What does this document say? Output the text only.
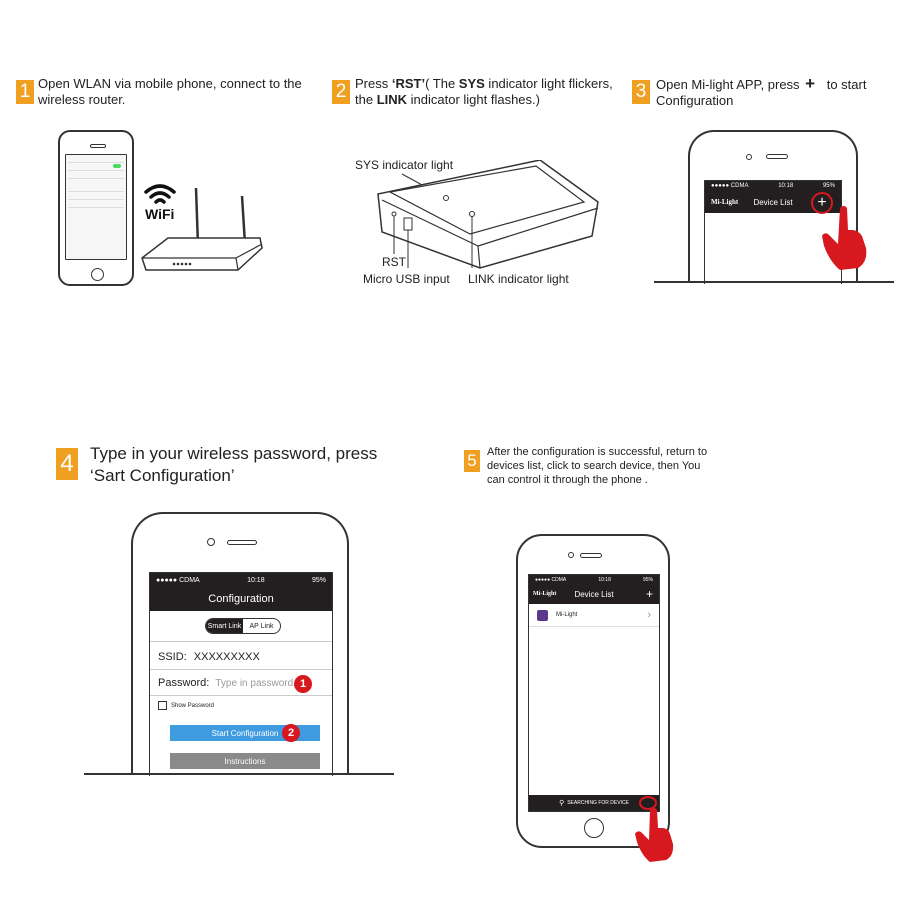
1 Open WLAN via mobile phone, connect to the
wireless router.
WiFi
2 Press ‘RST’( The SYS indicator light flickers,
the LINK indicator light flashes.)
SYS indicator light
RST
Micro USB input LINK indicator light
3 Open Mi-light APP, press + to start
Configuration
●●●●● CDMA	10:18	95%
Mi-Light Device List	+
4 Type in your wireless password, press
‘Sart Configuration’
●●●●● CDMA	10:18	95%
Configuration
Smart Link	AP Link
SSID: XXXXXXXXX
Password: Type in password 1
Show Password
Start Configuration 2
Instructions
5 After the configuration is successful, return to
devices list, click to search device, then You
can control it through the phone .
●●●●● CDMA	10:18	95%
Mi-Light Device List	+
Mi-Light	›
⚲ SEARCHING FOR DEVICE
